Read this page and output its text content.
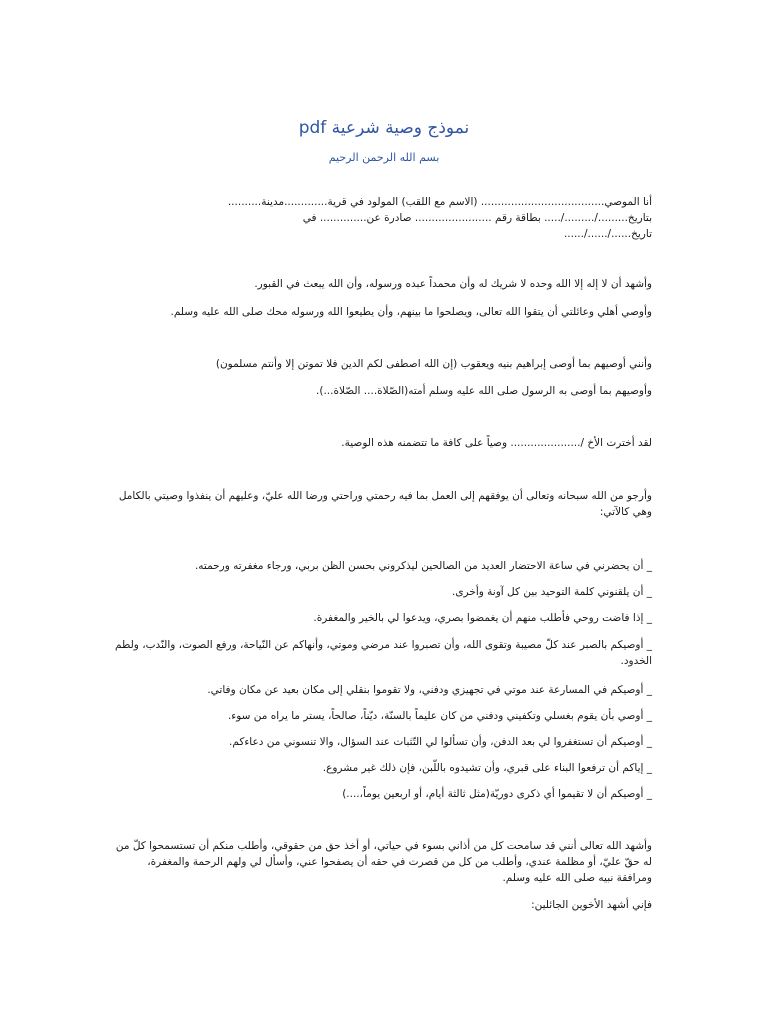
نموذج وصية شرعية pdf
بسم الله الرحمن الرحيم
أنا الموصي..................................... (الاسم مع اللقب) المولود في قرية.............مدينة..........
بتاريخ........./........./..... بطاقة رقم ....................... صادرة عن.............. في
تاريخ....../....../......
وأشهد أن لا إله إلا الله وحده لا شريك له وأن محمداً عبده ورسوله، وأن الله يبعث في القبور.
وأوصي أهلي وعائلتي أن يتقوا الله تعالى، ويصلحوا ما بينهم، وأن يطيعوا الله ورسوله محك صلى الله عليه وسلم.
وأنني أوصيهم بما أوصى إبراهيم بنيه ويعقوب (إن الله اصطفى لكم الدين فلا تموتن إلا وأنتم مسلمون)
وأوصيهم بما أوصى به الرسول صلى الله عليه وسلم أمته(الصّلاة.... الصّلاة...).
لقد أخترت الأخ /..................... وصياً على كافة ما تتضمنه هذه الوصية.
وأرجو من الله سبحانه وتعالى أن يوفقهم إلى العمل بما فيه رحمتي وراحتي ورضا الله عليّ، وعليهم أن ينفذوا وصيتي بالكامل وهي كالآتي:
_ أن يحضرني في ساعة الاحتضار العديد من الصالحين ليذكروني بحسن الظن بربي، ورجاء مغفرته ورحمته.
_ أن يلقنوني كلمة التوحيد بين كل آونة وأخرى.
_ إذا فاضت روحي فأطلب منهم أن يغمضوا بصري، ويدعوا لي بالخير والمغفرة.
_ أوصيكم بالصبر عند كلّ مصيبة وتقوى الله، وأن تصبروا عند مرضي وموتي، وأنهاكم عن النّياحة، ورفع الصوت، والنّدب، ولطم الخدود.
_ أوصيكم في المسارعة عند موتي في تجهيزي ودفني، ولا تقوموا بنقلي إلى مكان بعيد عن مكان وفاتي.
_ أوصي بأن يقوم بغسلي وتكفيني ودفني من كان عليماً بالسنّة، ديّناً، صالحاً، يستر ما يراه من سوء.
_ أوصيكم أن تستغفروا لي بعد الدفن، وأن تسألوا لي التّثبات عند السؤال، والا تنسوني من دعاءكم.
_ إياكم أن ترفعوا البناء على قبري، وأن تشيدوه باللّبن، فإن ذلك غير مشروع.
_ أوصيكم أن لا تقيموا أي ذكرى دوريّة(مثل ثالثة أيام، أو اربعين يوماً،....)
وأشهد الله تعالى أنني قد سامحت كل من أذاني بسوء في حياتي، أو أخذ حق من حقوقي، وأطلب منكم أن تستسمحوا كلّ من له حقّ عليّ، أو مظلمة عندي، وأطلب من كل من قصرت في حقه أن يصفحوا عني، وأسأل لي ولهم الرحمة والمغفرة، ومرافقة نبيه صلى الله عليه وسلم.
فإني أشهد الأخوين الجائلين:
